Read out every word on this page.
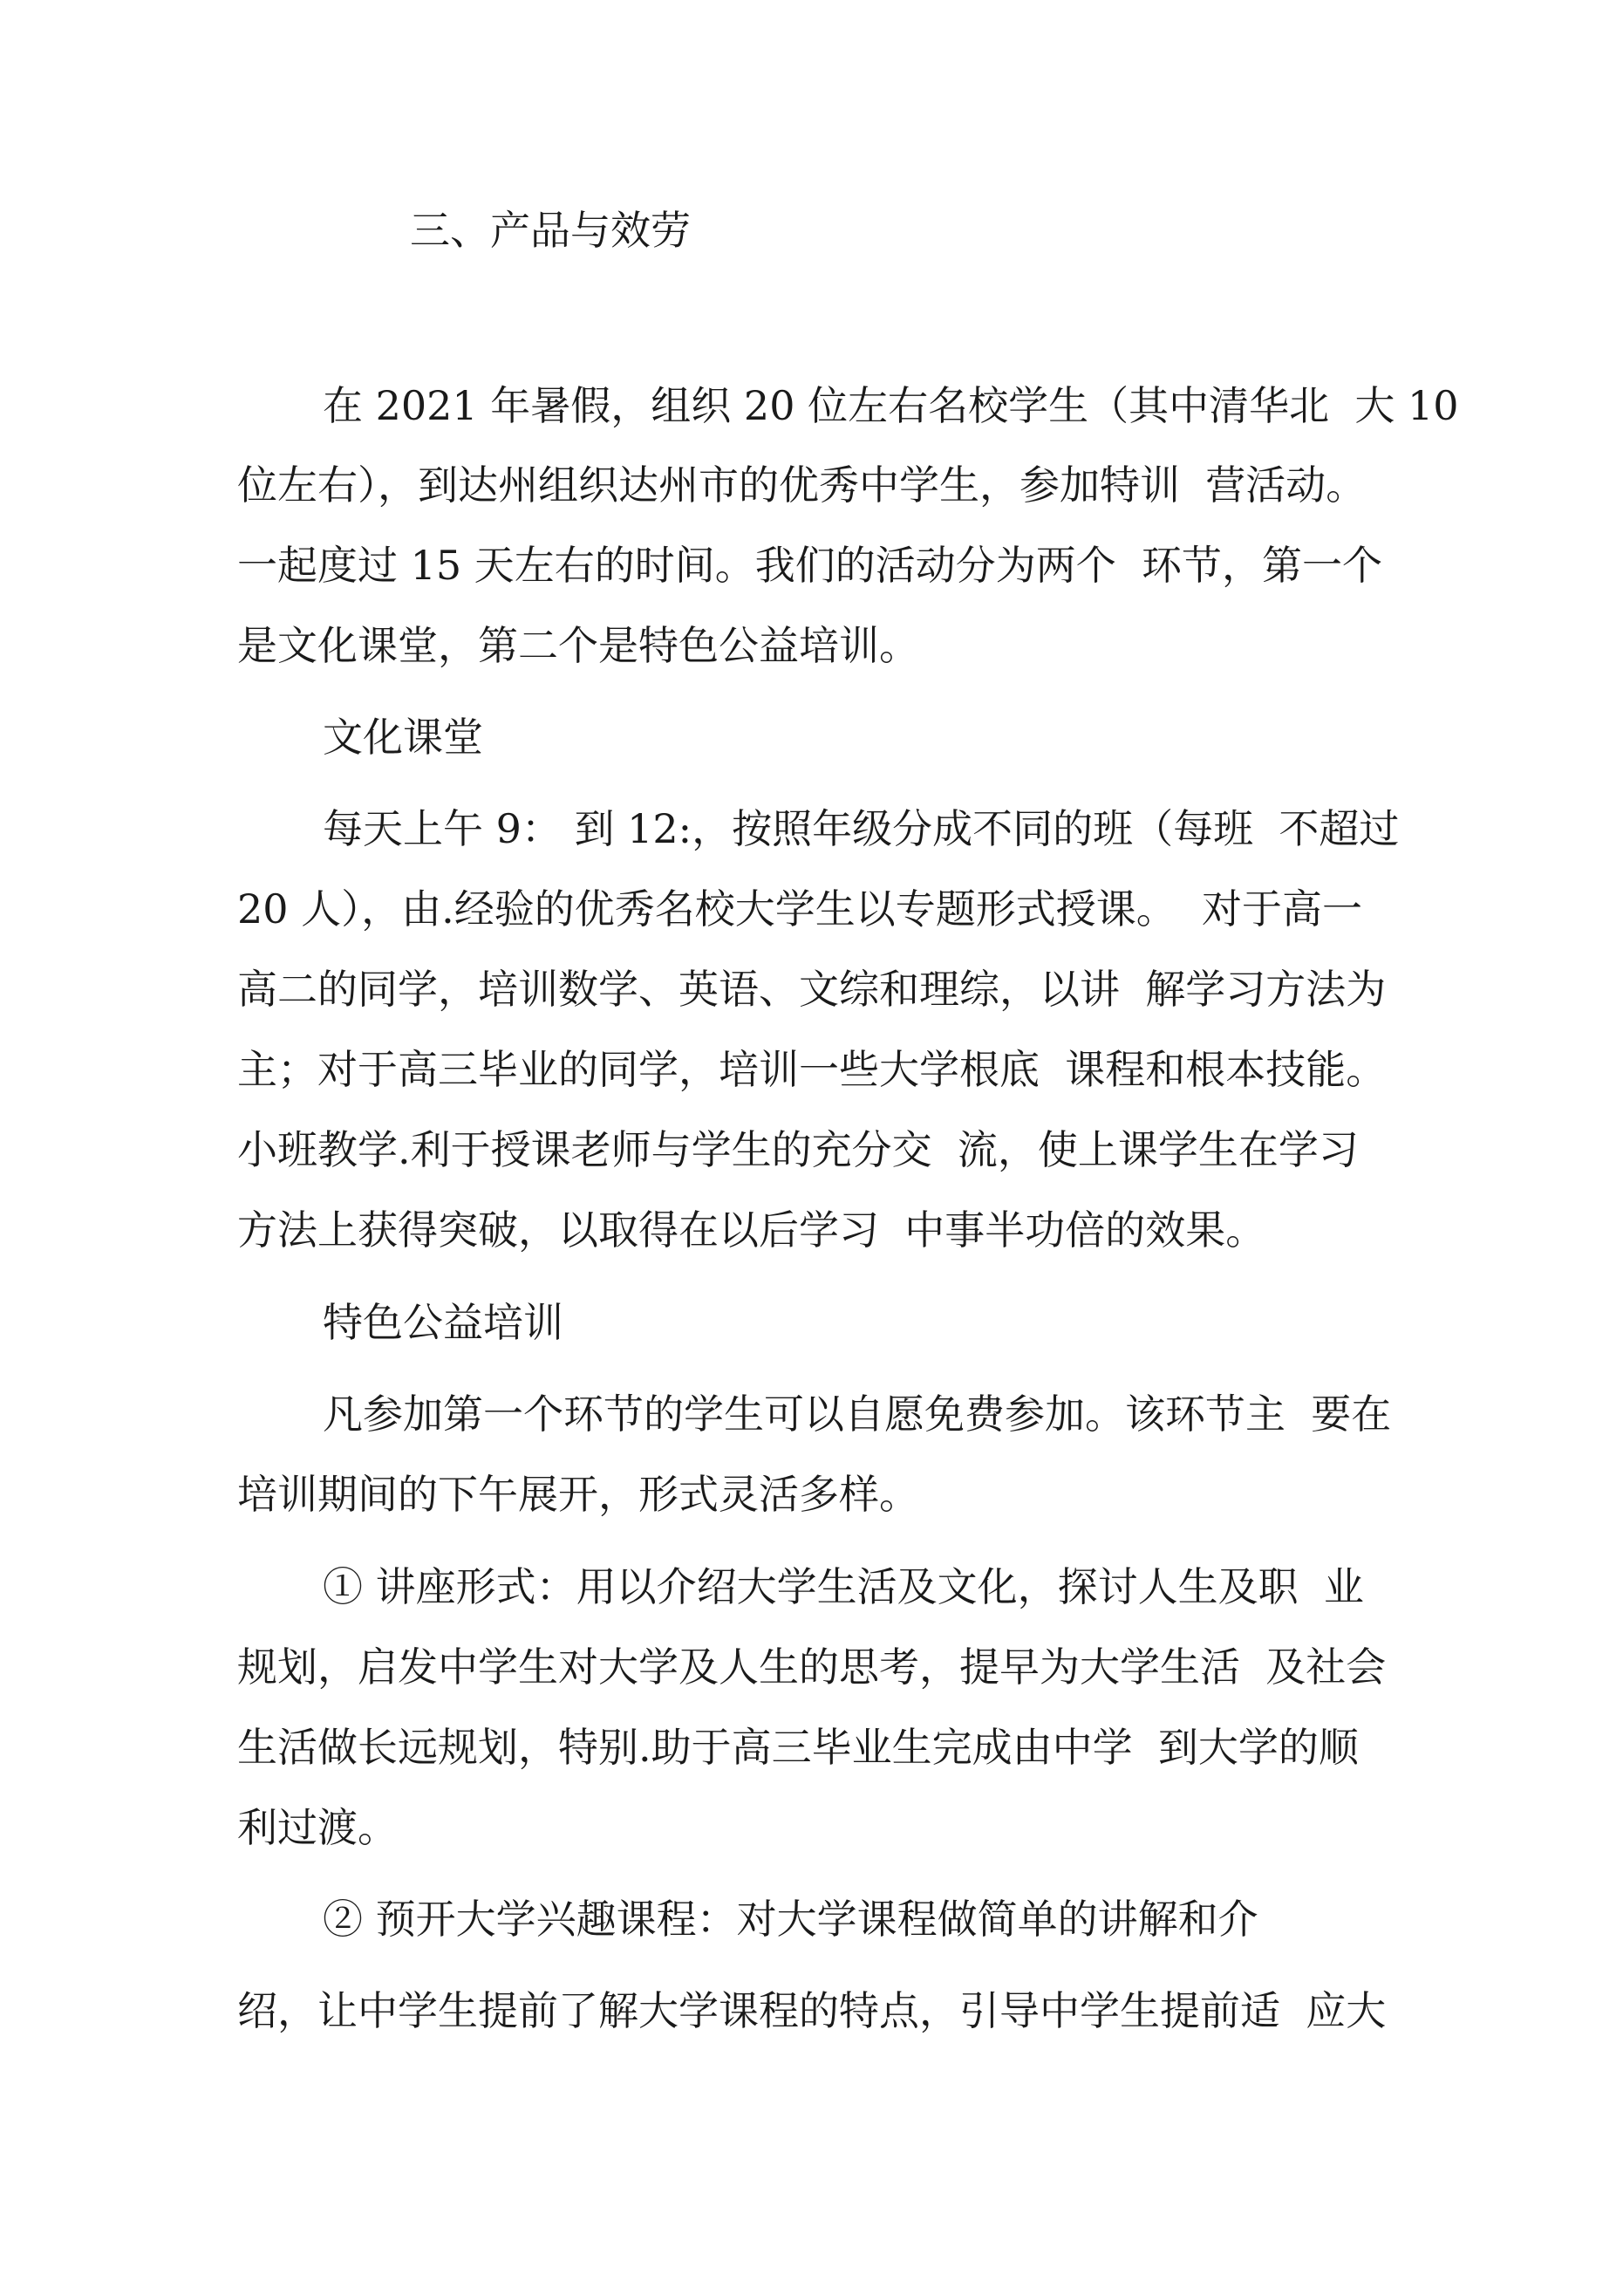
三、产品与效劳
在 2021 年暑假，组织 20 位左右名校学生（其中清华北  大 10
位左右），到达州组织达州市的优秀中学生，参加特训  营活动。
一起度过 15 天左右的时间。我们的活动分为两个  环节，第一个
是文化课堂，第二个是特色公益培训。
文化课堂
每天上午 9： 到 12:，按照年级分成不同的班（每班  不超过
20 人），由.经验的优秀名校大学生以专题形式授课。  对于高一
高二的同学，培训数学、英语、文综和理综，以讲  解学习方法为
主；对于高三毕业的同学，培训一些大学根底  课程和根本技能。
小班教学.利于授课老师与学生的充分交  流，使上课学生在学习
方法上获得突破，以取得在以后学习  中事半功倍的效果。
特色公益培训
凡参加第一个环节的学生可以自愿免费参加。该环节主  要在
培训期间的下午展开，形式灵活多样。
① 讲座形式：用以介绍大学生活及文化，探讨人生及职  业
规划，启发中学生对大学及人生的思考，提早为大学生活  及社会
生活做长远规划，特别.助于高三毕业生完成由中学  到大学的顺
利过渡。
② 预开大学兴趣课程：对大学课程做简单的讲解和介
绍，让中学生提前了解大学课程的特点，引导中学生提前适  应大
